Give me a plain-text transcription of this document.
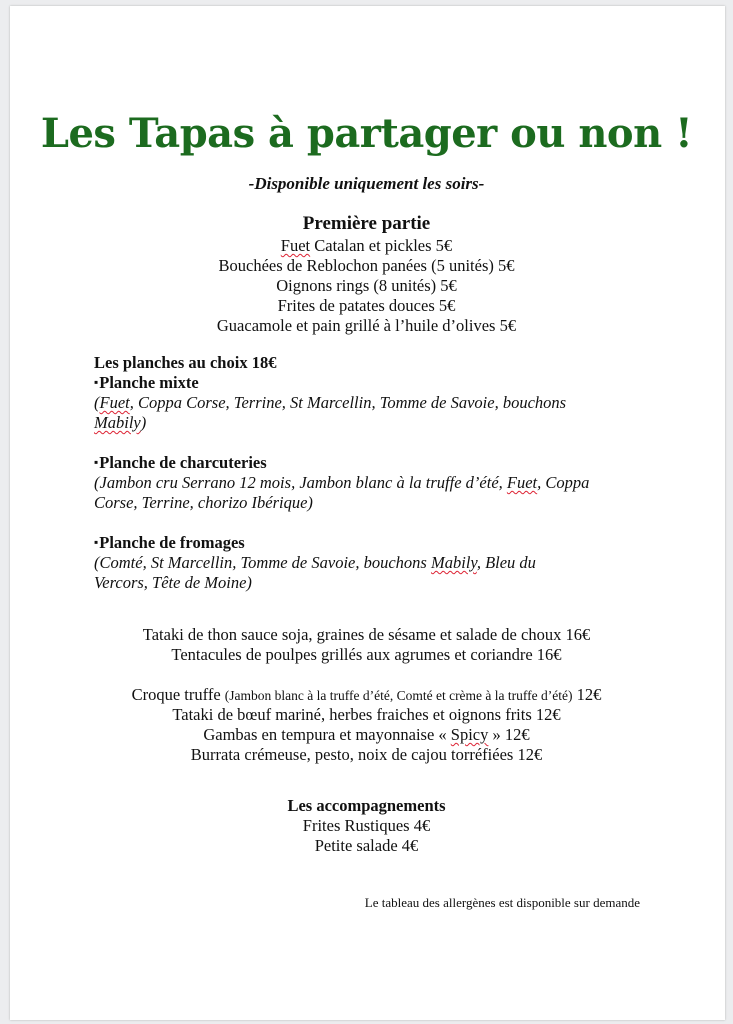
Les Tapas à partager ou non !
-Disponible uniquement les soirs-
Première partie
Fuet Catalan et pickles 5€
Bouchées de Reblochon panées (5 unités) 5€
Oignons rings (8 unités) 5€
Frites de patates douces 5€
Guacamole et pain grillé à l’huile d’olives 5€
Les planches au choix 18€
▪ Planche mixte
(Fuet, Coppa Corse, Terrine, St Marcellin, Tomme de Savoie, bouchons
Mabily)
▪ Planche de charcuteries
(Jambon cru Serrano 12 mois, Jambon blanc à la truffe d’été, Fuet, Coppa
Corse, Terrine, chorizo Ibérique)
▪ Planche de fromages
(Comté, St Marcellin, Tomme de Savoie, bouchons Mabily, Bleu du
Vercors, Tête de Moine)
Tataki de thon sauce soja, graines de sésame et salade de choux 16€
Tentacules de poulpes grillés aux agrumes et coriandre 16€
Croque truffe (Jambon blanc à la truffe d’été, Comté et crème à la truffe d’été) 12€
Tataki de bœuf mariné, herbes fraiches et oignons frits 12€
Gambas en tempura et mayonnaise « Spicy » 12€
Burrata crémeuse, pesto, noix de cajou torréfiées 12€
Les accompagnements
Frites Rustiques 4€
Petite salade 4€
Le tableau des allergènes est disponible sur demande
